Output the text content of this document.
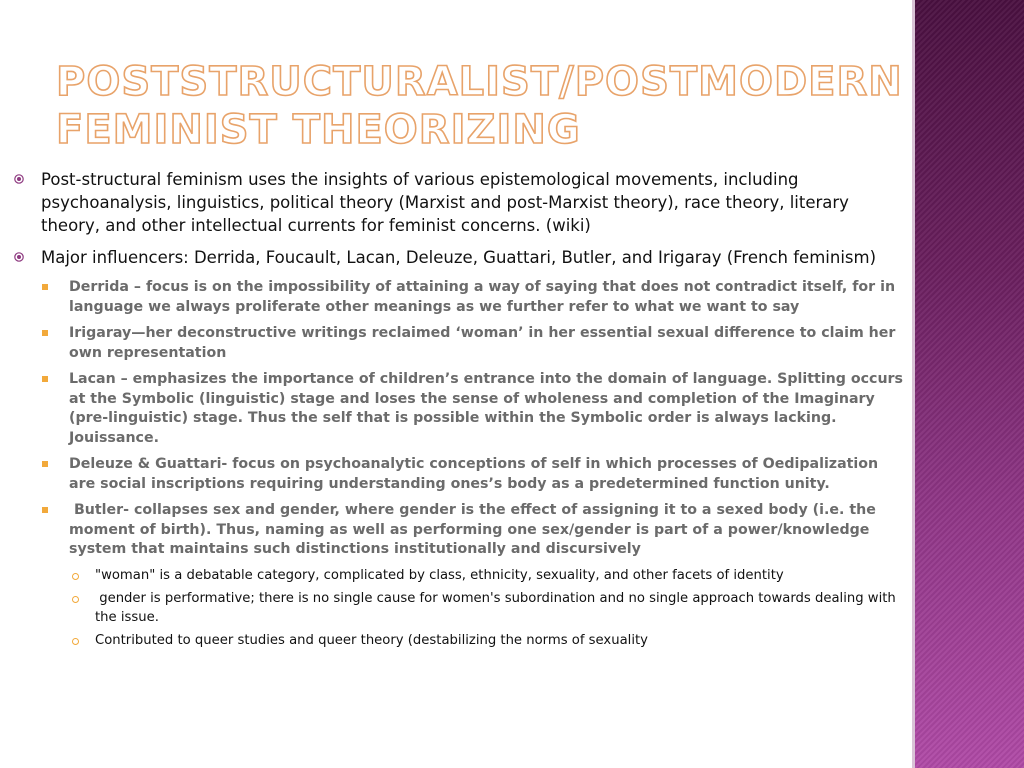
POSTSTRUCTURALIST/POSTMODERN
FEMINIST THEORIZING
Post-structural feminism uses the insights of various epistemological movements, including psychoanalysis, linguistics, political theory (Marxist and post-Marxist theory), race theory, literary theory, and other intellectual currents for feminist concerns. (wiki)
Major influencers: Derrida, Foucault, Lacan, Deleuze, Guattari, Butler, and Irigaray (French feminism)
Derrida – focus is on the impossibility of attaining a way of saying that does not contradict itself, for in language we always proliferate other meanings as we further refer to what we want to say
Irigaray—her deconstructive writings reclaimed ‘woman’ in her essential sexual difference to claim her own representation
Lacan – emphasizes the importance of children’s entrance into the domain of language. Splitting occurs at the Symbolic (linguistic) stage and loses the sense of wholeness and completion of the Imaginary (pre-linguistic) stage. Thus the self that is possible within the Symbolic order is always lacking. Jouissance.
Deleuze & Guattari- focus on psychoanalytic conceptions of self in which processes of Oedipalization are social inscriptions requiring understanding ones’s body as a predetermined function unity.
Butler- collapses sex and gender, where gender is the effect of assigning it to a sexed body (i.e. the moment of birth). Thus, naming as well as performing one sex/gender is part of a power/knowledge system that maintains such distinctions institutionally and discursively
"woman" is a debatable category, complicated by class, ethnicity, sexuality, and other facets of identity
gender is performative; there is no single cause for women's subordination and no single approach towards dealing with the issue.
Contributed to queer studies and queer theory (destabilizing the norms of sexuality
